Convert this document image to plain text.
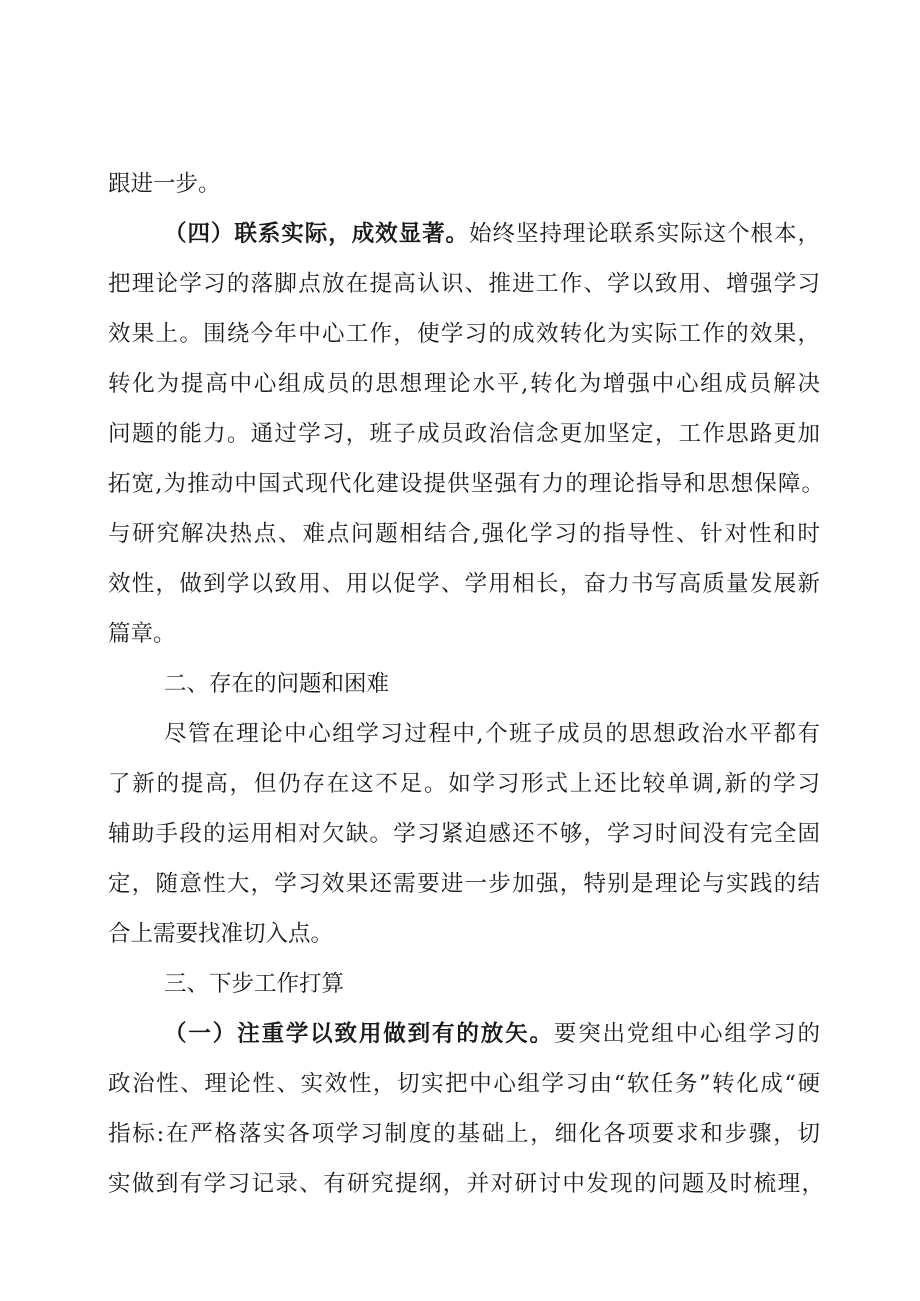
跟进一步。
（四）联系实际，成效显著。始终坚持理论联系实际这个根本，
把理论学习的落脚点放在提高认识、推进工作、学以致用、增强学习
效果上。围绕今年中心工作，使学习的成效转化为实际工作的效果，
转化为提高中心组成员的思想理论水平,转化为增强中心组成员解决
问题的能力。通过学习，班子成员政治信念更加坚定，工作思路更加
拓宽,为推动中国式现代化建设提供坚强有力的理论指导和思想保障。
与研究解决热点、难点问题相结合,强化学习的指导性、针对性和时
效性，做到学以致用、用以促学、学用相长，奋力书写高质量发展新
篇章。
二、存在的问题和困难
尽管在理论中心组学习过程中,个班子成员的思想政治水平都有
了新的提高，但仍存在这不足。如学习形式上还比较单调,新的学习
辅助手段的运用相对欠缺。学习紧迫感还不够，学习时间没有完全固
定，随意性大，学习效果还需要进一步加强，特别是理论与实践的结
合上需要找准切入点。
三、下步工作打算
（一）注重学以致用做到有的放矢。要突出党组中心组学习的
政治性、理论性、实效性，切实把中心组学习由“软任务”转化成“硬
指标:在严格落实各项学习制度的基础上，细化各项要求和步骤，切
实做到有学习记录、有研究提纲，并对研讨中发现的问题及时梳理，
